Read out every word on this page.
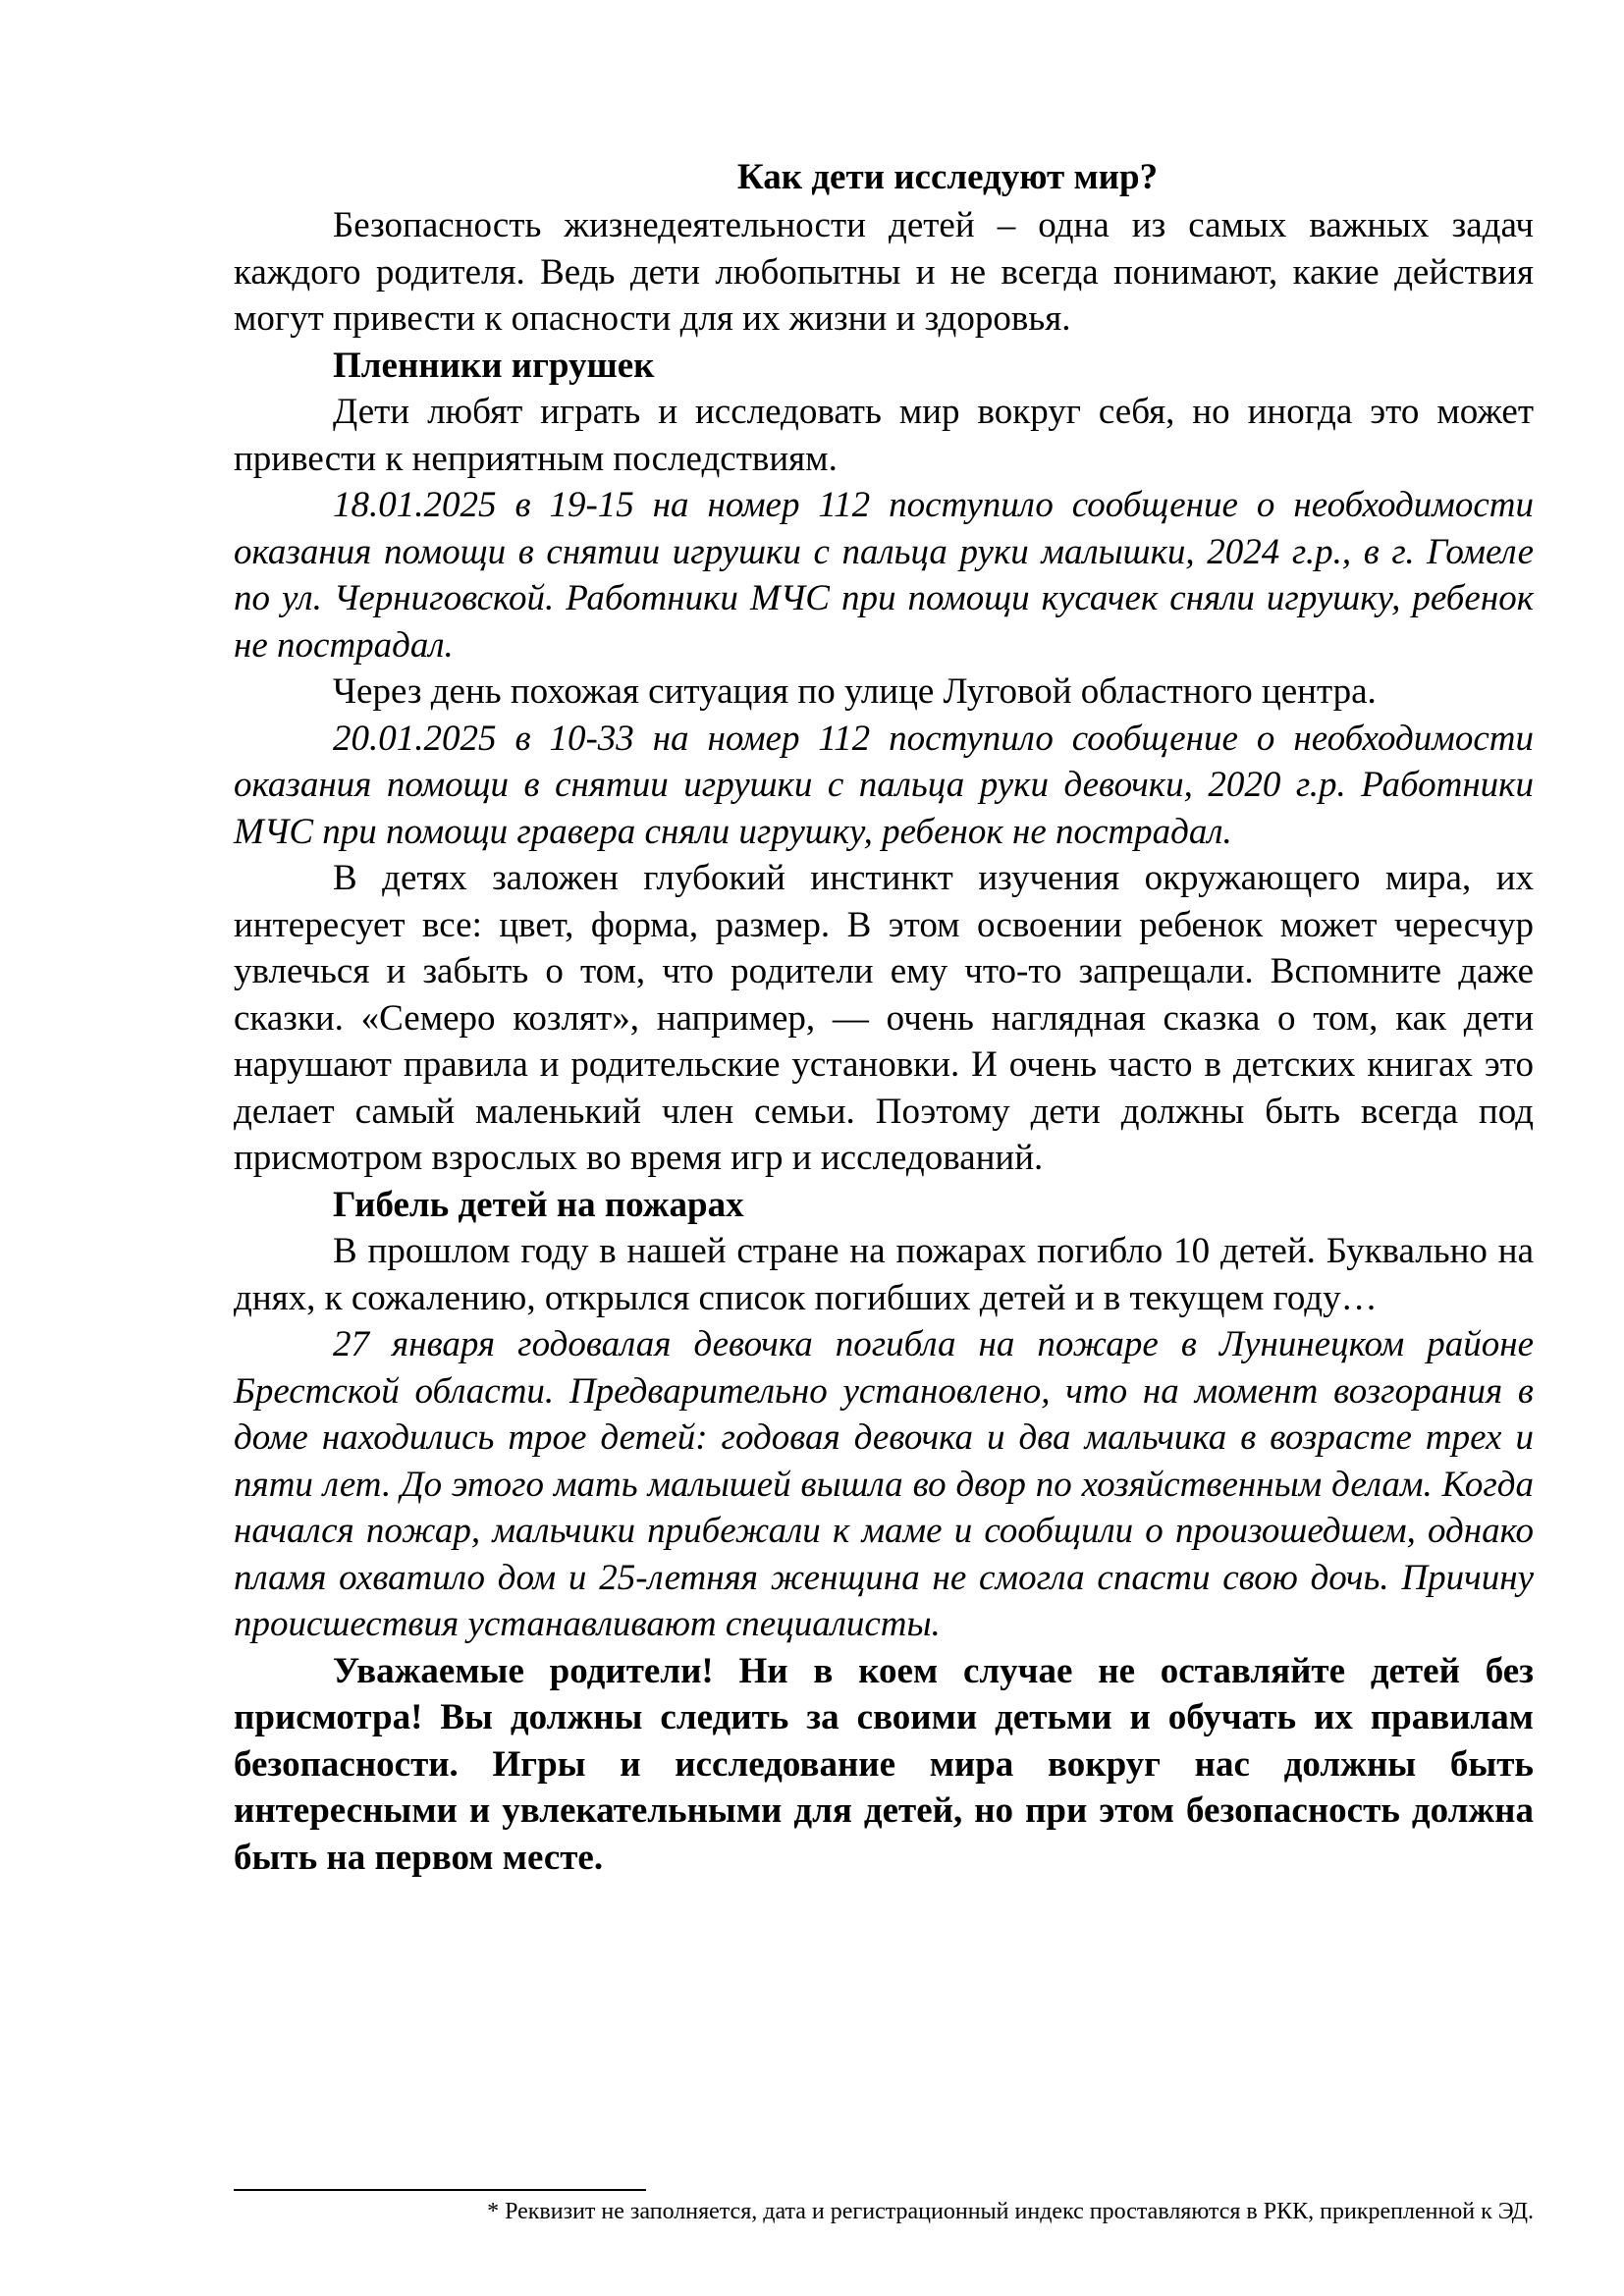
Как дети исследуют мир?

Безопасность жизнедеятельности детей – одна из самых важных задач каждого родителя. Ведь дети любопытны и не всегда понимают, какие действия могут привести к опасности для их жизни и здоровья.

Пленники игрушек

Дети любят играть и исследовать мир вокруг себя, но иногда это может привести к неприятным последствиям.

18.01.2025 в 19-15 на номер 112 поступило сообщение о необходимости оказания помощи в снятии игрушки с пальца руки малышки, 2024 г.р., в г. Гомеле по ул. Черниговской. Работники МЧС при помощи кусачек сняли игрушку, ребенок не пострадал.

Через день похожая ситуация по улице Луговой областного центра.

20.01.2025 в 10-33 на номер 112 поступило сообщение о необходимости оказания помощи в снятии игрушки с пальца руки девочки, 2020 г.р. Работники МЧС при помощи гравера сняли игрушку, ребенок не пострадал.

В детях заложен глубокий инстинкт изучения окружающего мира, их интересует все: цвет, форма, размер. В этом освоении ребенок может чересчур увлечься и забыть о том, что родители ему что-то запрещали. Вспомните даже сказки. «Семеро козлят», например, — очень наглядная сказка о том, как дети нарушают правила и родительские установки. И очень часто в детских книгах это делает самый маленький член семьи. Поэтому дети должны быть всегда под присмотром взрослых во время игр и исследований.

Гибель детей на пожарах

В прошлом году в нашей стране на пожарах погибло 10 детей. Буквально на днях, к сожалению, открылся список погибших детей и в текущем году…

27 января годовалая девочка погибла на пожаре в Лунинецком районе Брестской области. Предварительно установлено, что на момент возгорания в доме находились трое детей: годовая девочка и два мальчика в возрасте трех и пяти лет. До этого мать малышей вышла во двор по хозяйственным делам. Когда начался пожар, мальчики прибежали к маме и сообщили о произошедшем, однако пламя охватило дом и 25-летняя женщина не смогла спасти свою дочь. Причину происшествия устанавливают специалисты.

Уважаемые родители! Ни в коем случае не оставляйте детей без присмотра! Вы должны следить за своими детьми и обучать их правилам безопасности. Игры и исследование мира вокруг нас должны быть интересными и увлекательными для детей, но при этом безопасность должна быть на первом месте.

* Реквизит не заполняется, дата и регистрационный индекс проставляются в РКК, прикрепленной к ЭД.
